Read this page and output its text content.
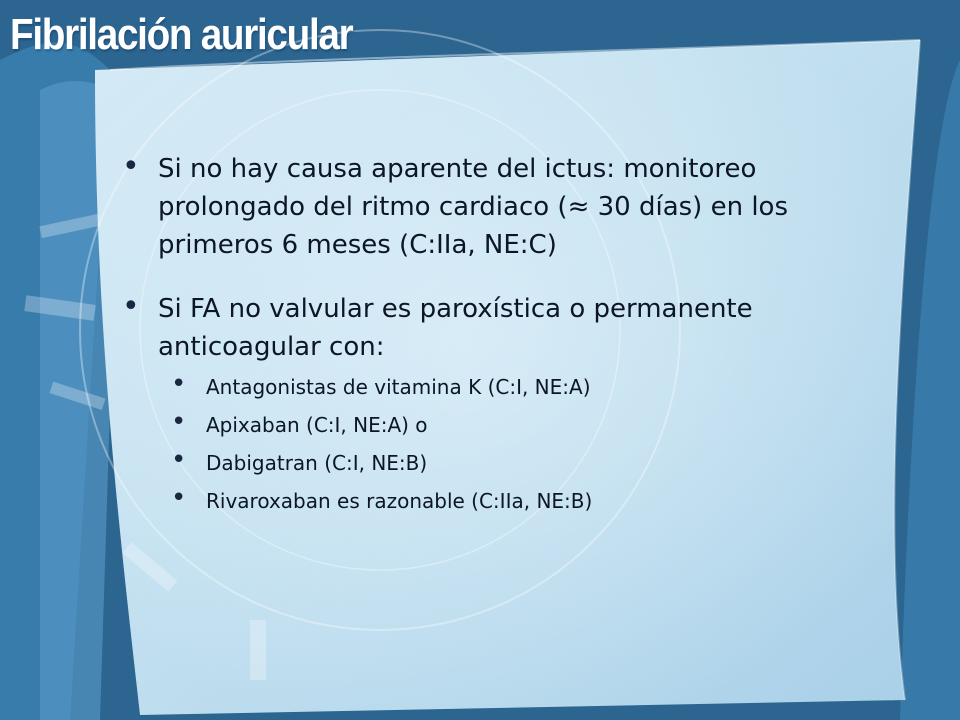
Fibrilación auricular
• Si no hay causa aparente del ictus: monitoreo prolongado del ritmo cardiaco (≈ 30 días) en los primeros 6 meses (C:IIa, NE:C)
• Si FA no valvular es paroxística o permanente anticoagular con:
• Antagonistas de vitamina K (C:I, NE:A)
• Apixaban (C:I, NE:A) o
• Dabigatran (C:I, NE:B)
• Rivaroxaban es razonable (C:IIa, NE:B)
